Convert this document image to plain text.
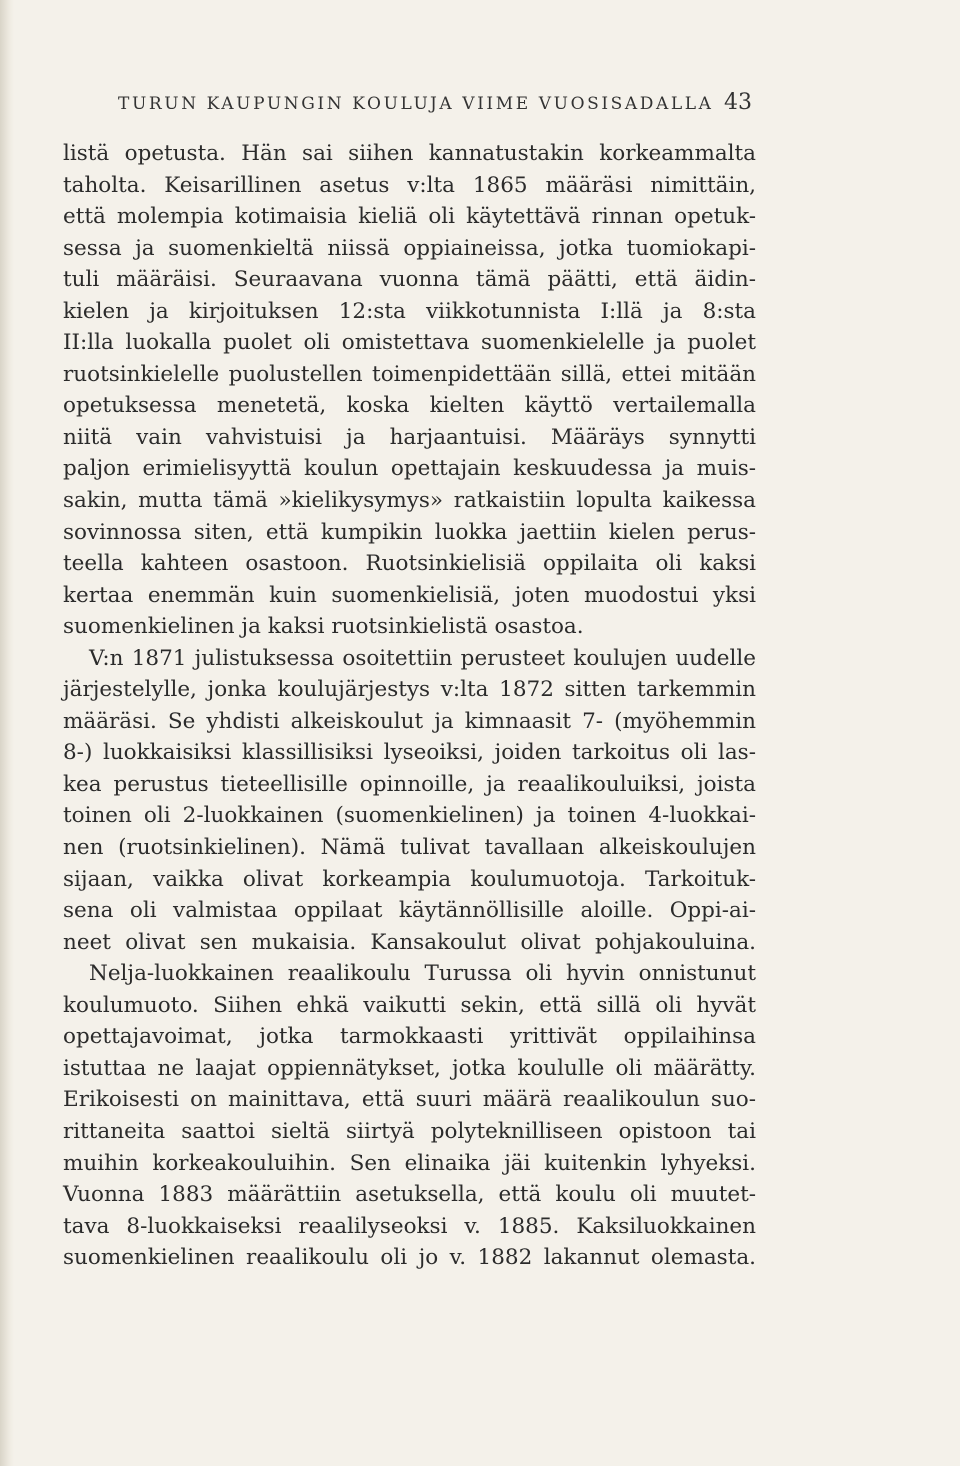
TURUN KAUPUNGIN KOULUJA VIIME VUOSISADALLA 43
listä opetusta. Hän sai siihen kannatustakin korkeammalta
taholta. Keisarillinen asetus v:lta 1865 määräsi nimittäin,
että molempia kotimaisia kieliä oli käytettävä rinnan opetuk-
sessa ja suomenkieltä niissä oppiaineissa, jotka tuomiokapi-
tuli määräisi. Seuraavana vuonna tämä päätti, että äidin-
kielen ja kirjoituksen 12:sta viikkotunnista I:llä ja 8:sta
II:lla luokalla puolet oli omistettava suomenkielelle ja puolet
ruotsinkielelle puolustellen toimenpidettään sillä, ettei mitään
opetuksessa menetetä, koska kielten käyttö vertailemalla
niitä vain vahvistuisi ja harjaantuisi. Määräys synnytti
paljon erimielisyyttä koulun opettajain keskuudessa ja muis-
sakin, mutta tämä »kielikysymys» ratkaistiin lopulta kaikessa
sovinnossa siten, että kumpikin luokka jaettiin kielen perus-
teella kahteen osastoon. Ruotsinkielisiä oppilaita oli kaksi
kertaa enemmän kuin suomenkielisiä, joten muodostui yksi
suomenkielinen ja kaksi ruotsinkielistä osastoa.
V:n 1871 julistuksessa osoitettiin perusteet koulujen uudelle
järjestelylle, jonka koulujärjestys v:lta 1872 sitten tarkemmin
määräsi. Se yhdisti alkeiskoulut ja kimnaasit 7- (myöhemmin
8-) luokkaisiksi klassillisiksi lyseoiksi, joiden tarkoitus oli las-
kea perustus tieteellisille opinnoille, ja reaalikouluiksi, joista
toinen oli 2-luokkainen (suomenkielinen) ja toinen 4-luokkai-
nen (ruotsinkielinen). Nämä tulivat tavallaan alkeiskoulujen
sijaan, vaikka olivat korkeampia koulumuotoja. Tarkoituk-
sena oli valmistaa oppilaat käytännöllisille aloille. Oppi-ai-
neet olivat sen mukaisia. Kansakoulut olivat pohjakouluina.
Nelja-luokkainen reaalikoulu Turussa oli hyvin onnistunut
koulumuoto. Siihen ehkä vaikutti sekin, että sillä oli hyvät
opettajavoimat, jotka tarmokkaasti yrittivät oppilaihinsa
istuttaa ne laajat oppiennätykset, jotka koululle oli määrätty.
Erikoisesti on mainittava, että suuri määrä reaalikoulun suo-
rittaneita saattoi sieltä siirtyä polyteknilliseen opistoon tai
muihin korkeakouluihin. Sen elinaika jäi kuitenkin lyhyeksi.
Vuonna 1883 määrättiin asetuksella, että koulu oli muutet-
tava 8-luokkaiseksi reaalilyseoksi v. 1885. Kaksiluokkainen
suomenkielinen reaalikoulu oli jo v. 1882 lakannut olemasta.
